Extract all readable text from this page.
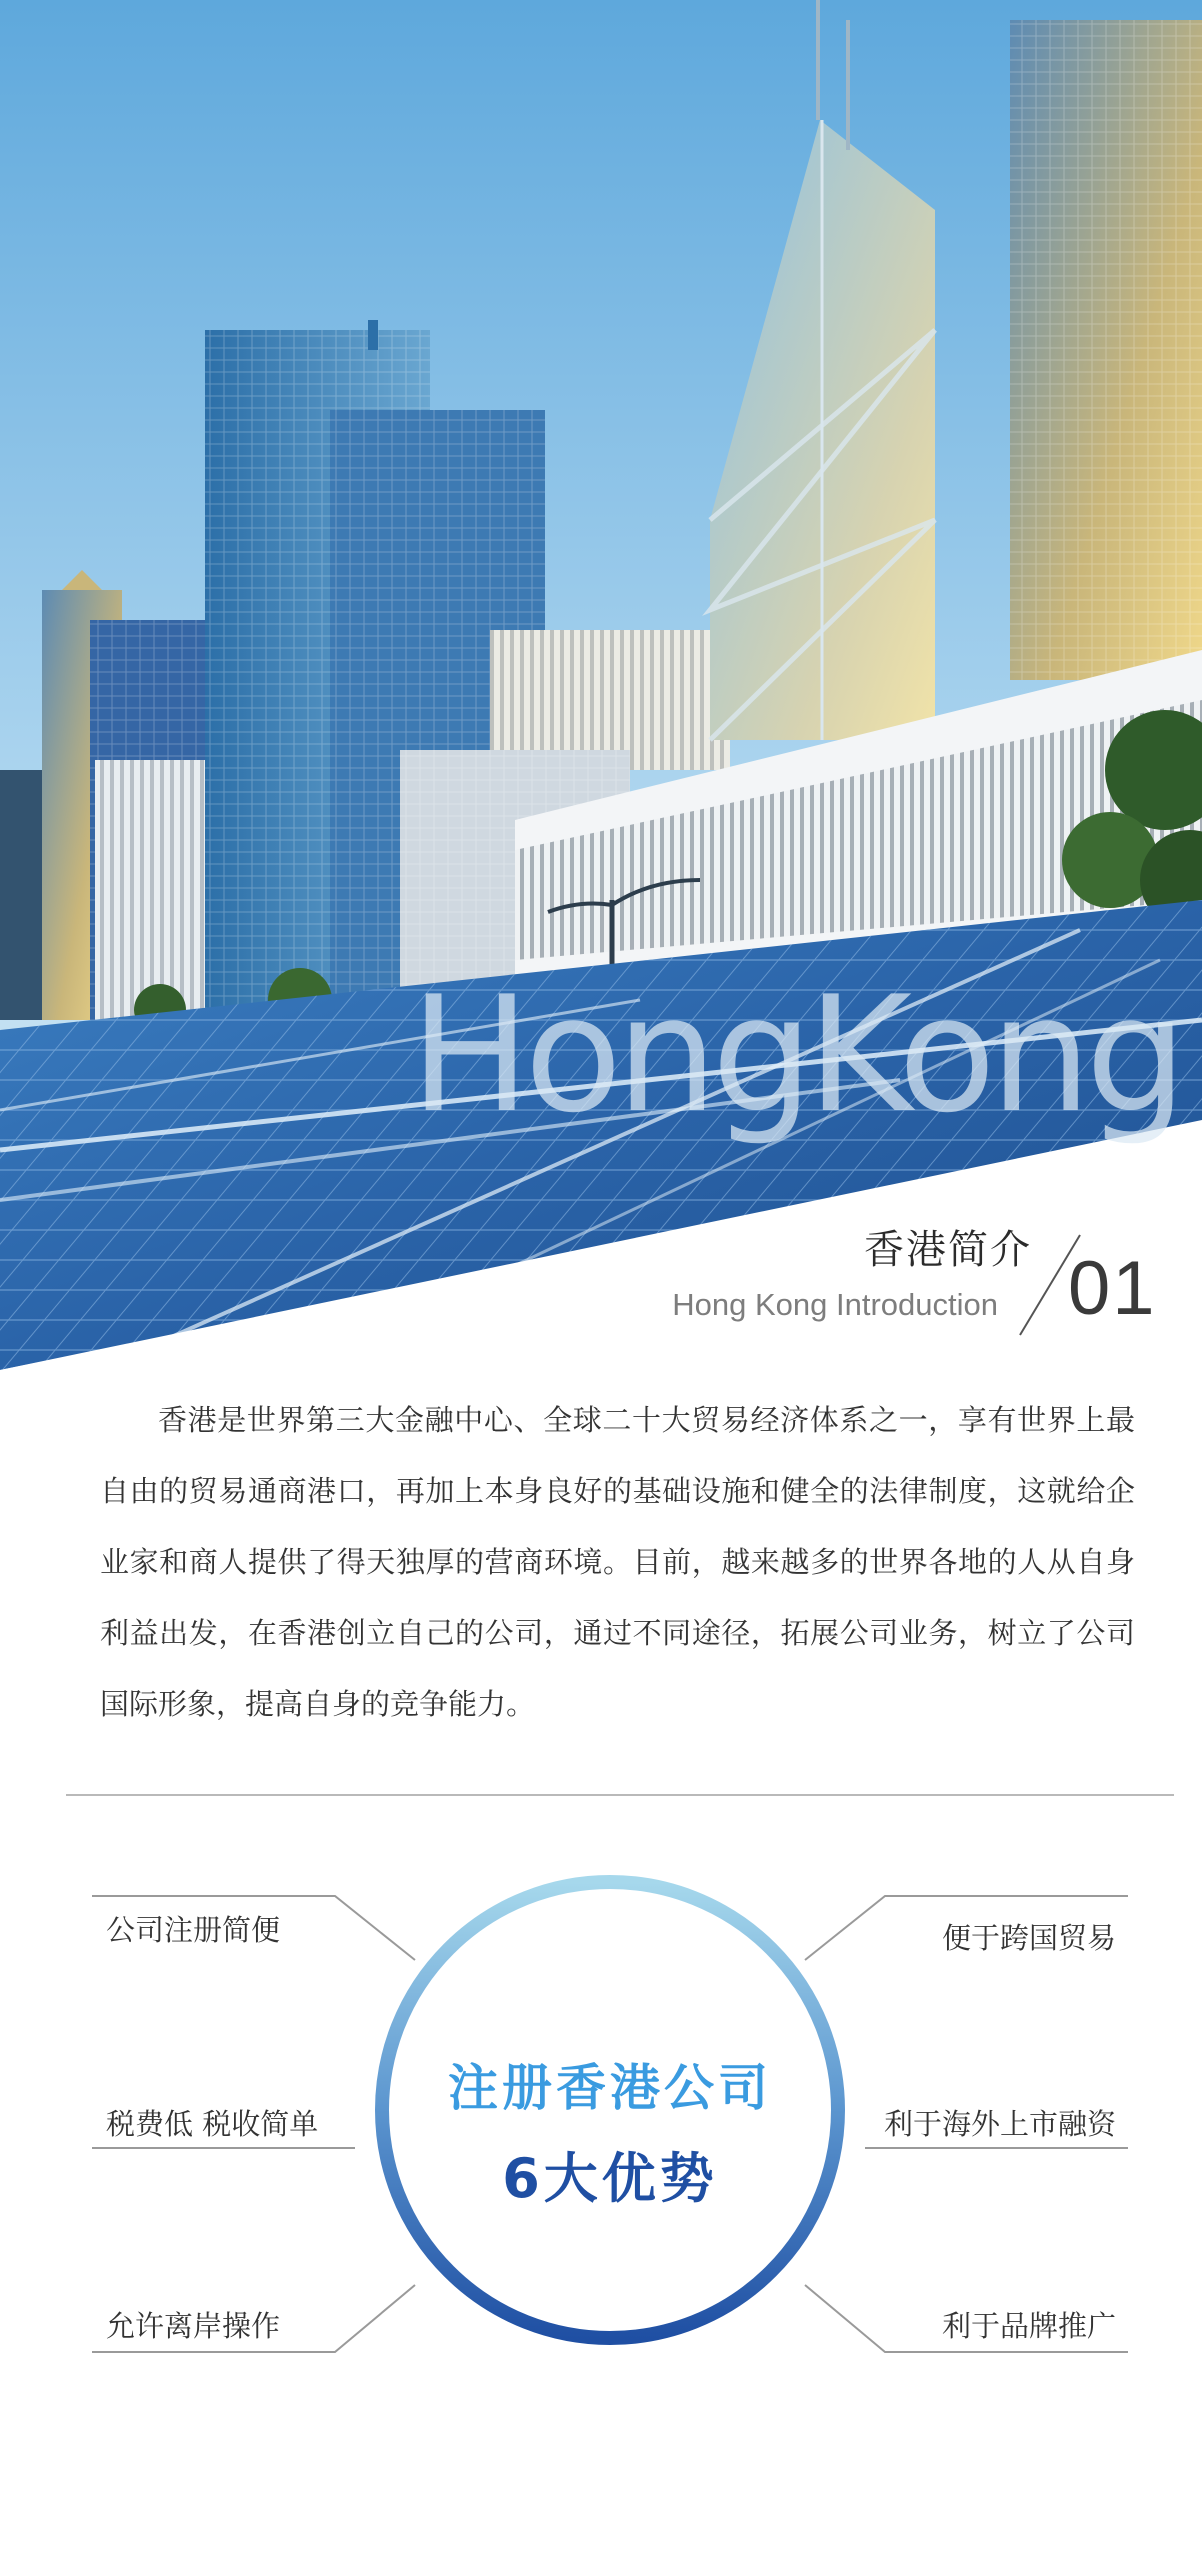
HongKong
香港简介
Hong Kong Introduction 01
香港是世界第三大金融中心、全球二十大贸易经济体系之一，享有世界上最自由的贸易通商港口，再加上本身良好的基础设施和健全的法律制度，这就给企业家和商人提供了得天独厚的营商环境。目前，越来越多的世界各地的人从自身利益出发，在香港创立自己的公司，通过不同途径，拓展公司业务，树立了公司国际形象，提高自身的竞争能力。
注册香港公司
6大优势
公司注册简便
税费低 税收简单
允许离岸操作
便于跨国贸易
利于海外上市融资
利于品牌推广
